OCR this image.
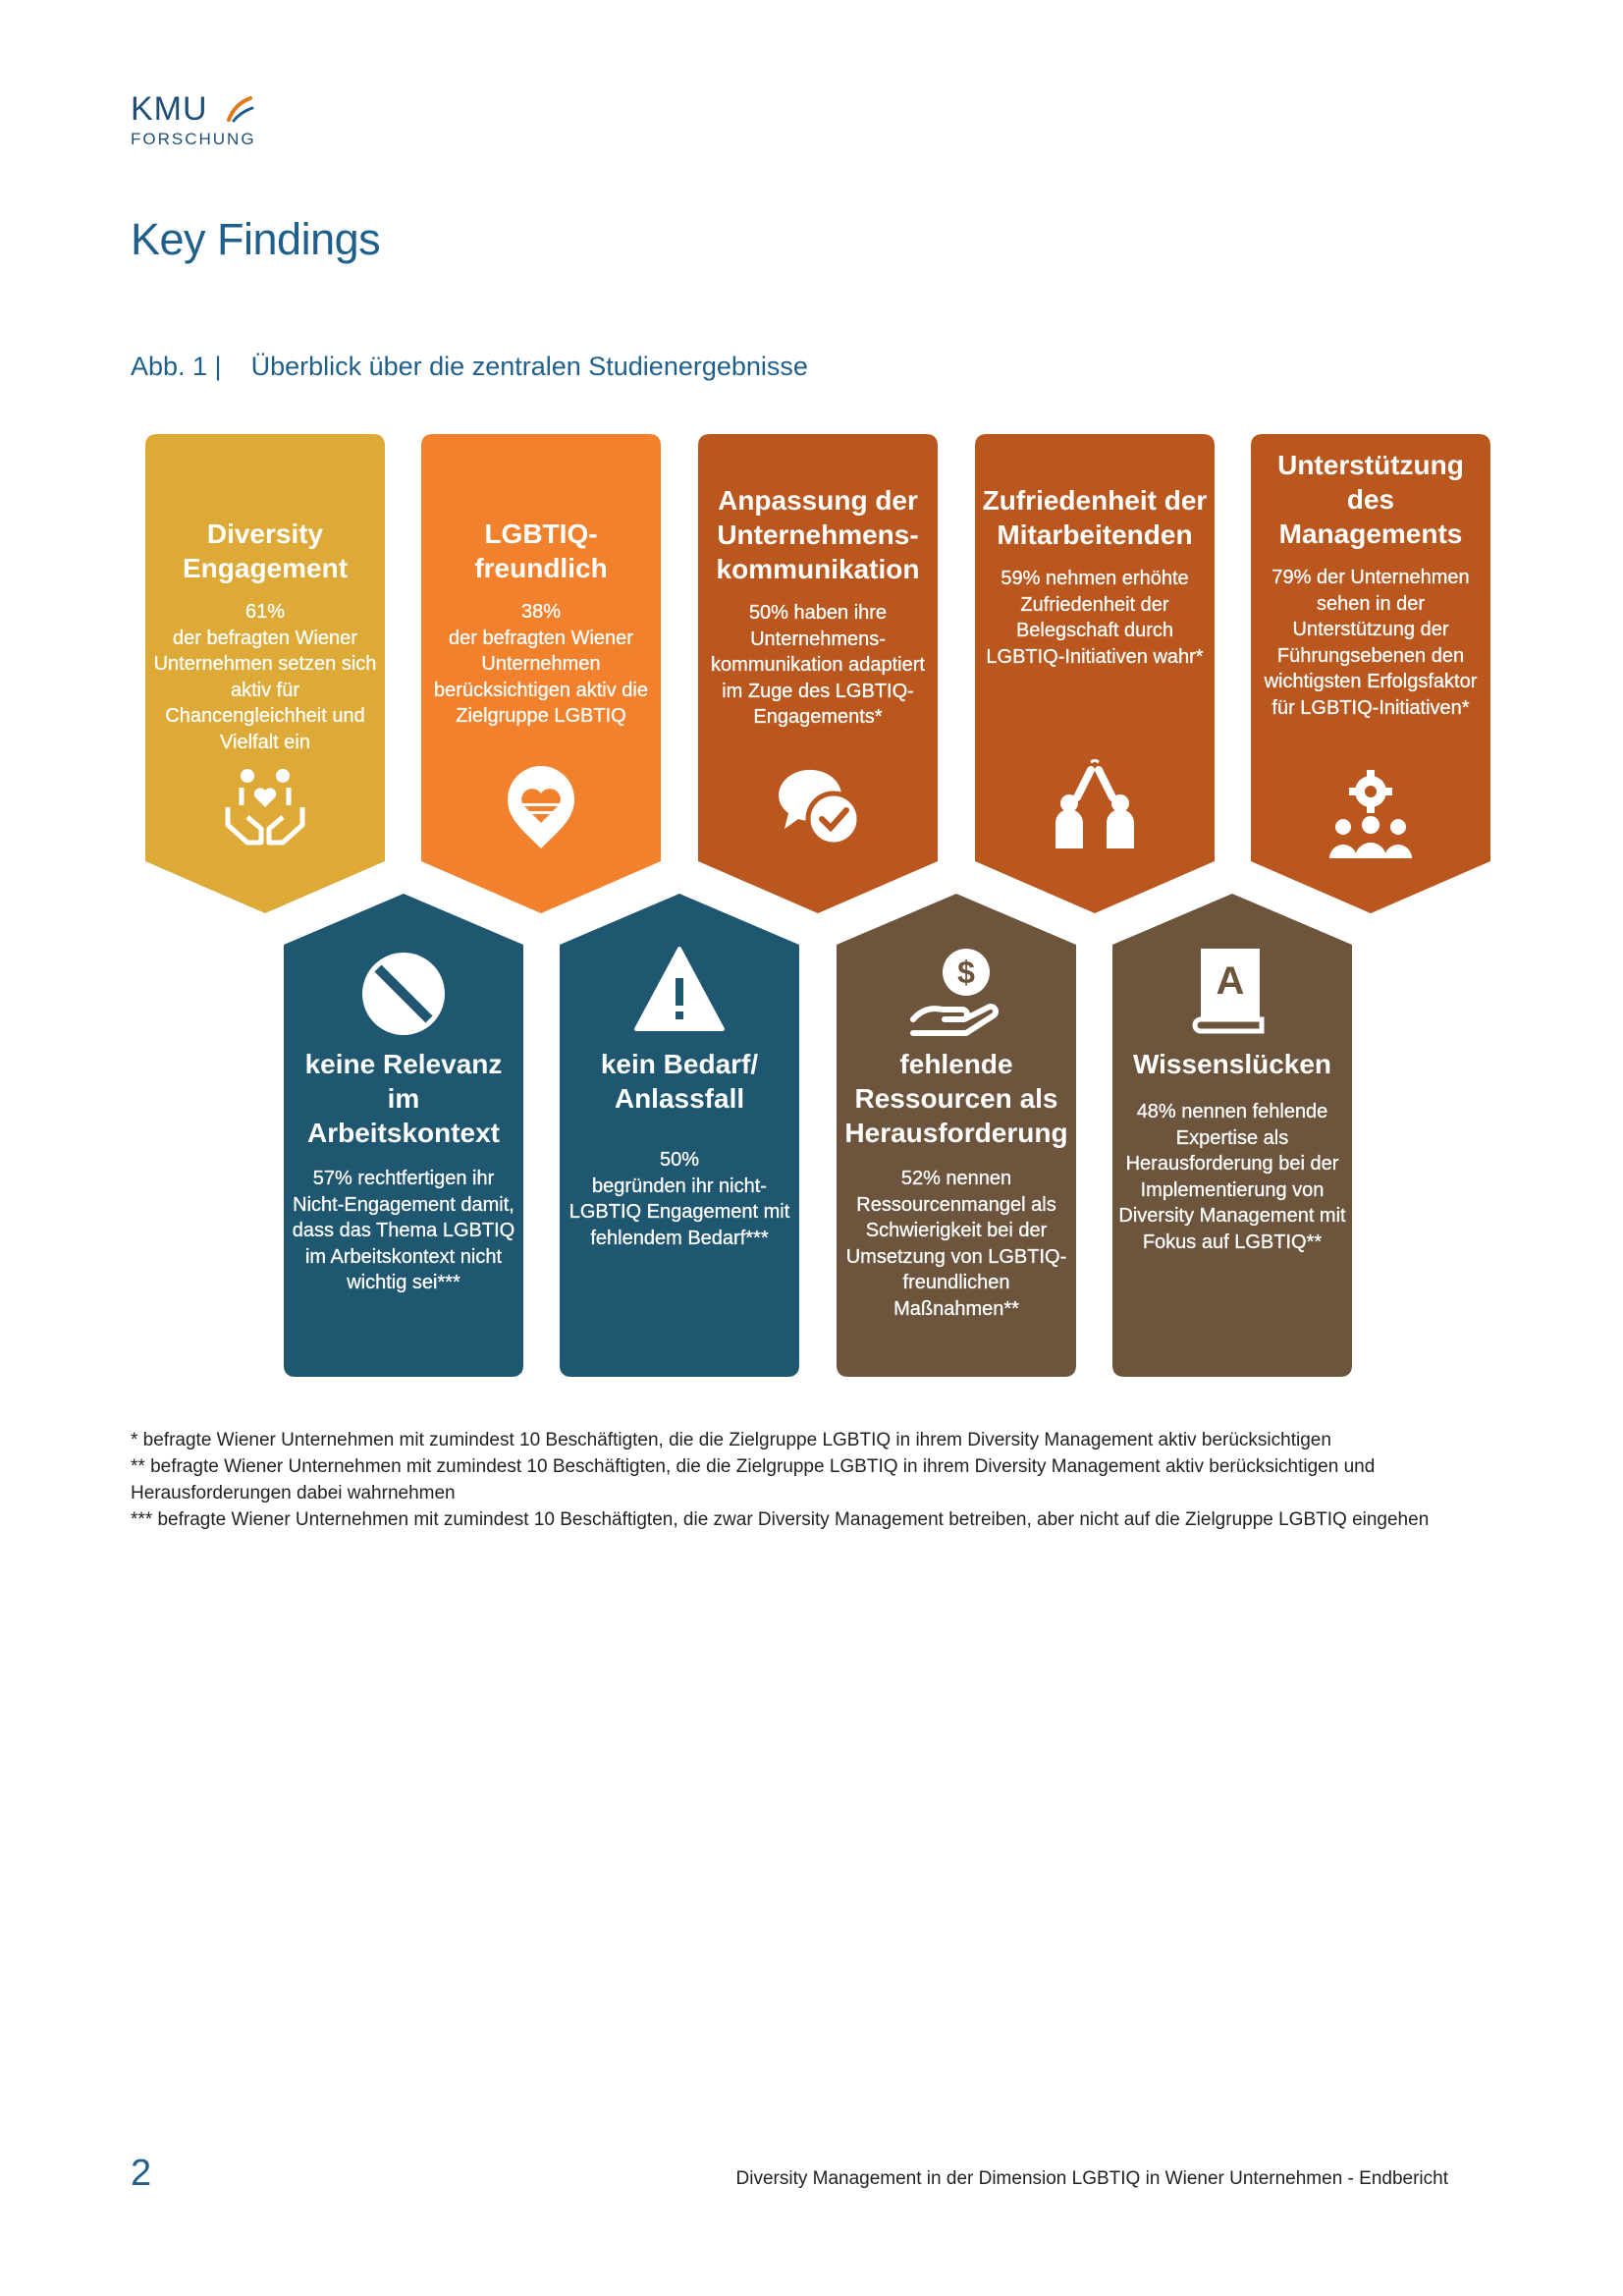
KMU
FORSCHUNG
Key Findings
Abb. 1 | Überblick über die zentralen Studienergebnisse
Diversity Engagement
61%
der befragten Wiener Unternehmen setzen sich aktiv für Chancengleichheit und Vielfalt ein
LGBTIQ-
freundlich
38%
der befragten Wiener Unternehmen berücksichtigen aktiv die Zielgruppe LGBTIQ
Anpassung der Unternehmens-kommunikation
50% haben ihre Unternehmens-kommunikation adaptiert im Zuge des LGBTIQ-Engagements*
Zufriedenheit der Mitarbeitenden
59% nehmen erhöhte Zufriedenheit der Belegschaft durch LGBTIQ-Initiativen wahr*
Unterstützung des Managements
79% der Unternehmen sehen in der Unterstützung der Führungsebenen den wichtigsten Erfolgsfaktor für LGBTIQ-Initiativen*
keine Relevanz im Arbeitskontext
57% rechtfertigen ihr Nicht-Engagement damit, dass das Thema LGBTIQ im Arbeitskontext nicht wichtig sei***
kein Bedarf/
Anlassfall
50%
begründen ihr nicht-LGBTIQ Engagement mit fehlendem Bedarf***
$
fehlende Ressourcen als Herausforderung
52% nennen Ressourcenmangel als Schwierigkeit bei der Umsetzung von LGBTIQ-freundlichen Maßnahmen**
A
Wissenslücken
48% nennen fehlende Expertise als Herausforderung bei der Implementierung von Diversity Management mit Fokus auf LGBTIQ**

* befragte Wiener Unternehmen mit zumindest 10 Beschäftigten, die die Zielgruppe LGBTIQ in ihrem Diversity Management aktiv berücksichtigen

** befragte Wiener Unternehmen mit zumindest 10 Beschäftigten, die die Zielgruppe LGBTIQ in ihrem Diversity Management aktiv berücksichtigen und Herausforderungen dabei wahrnehmen

*** befragte Wiener Unternehmen mit zumindest 10 Beschäftigten, die zwar Diversity Management betreiben, aber nicht auf die Zielgruppe LGBTIQ eingehen

2	Diversity Management in der Dimension LGBTIQ in Wiener Unternehmen - Endbericht
